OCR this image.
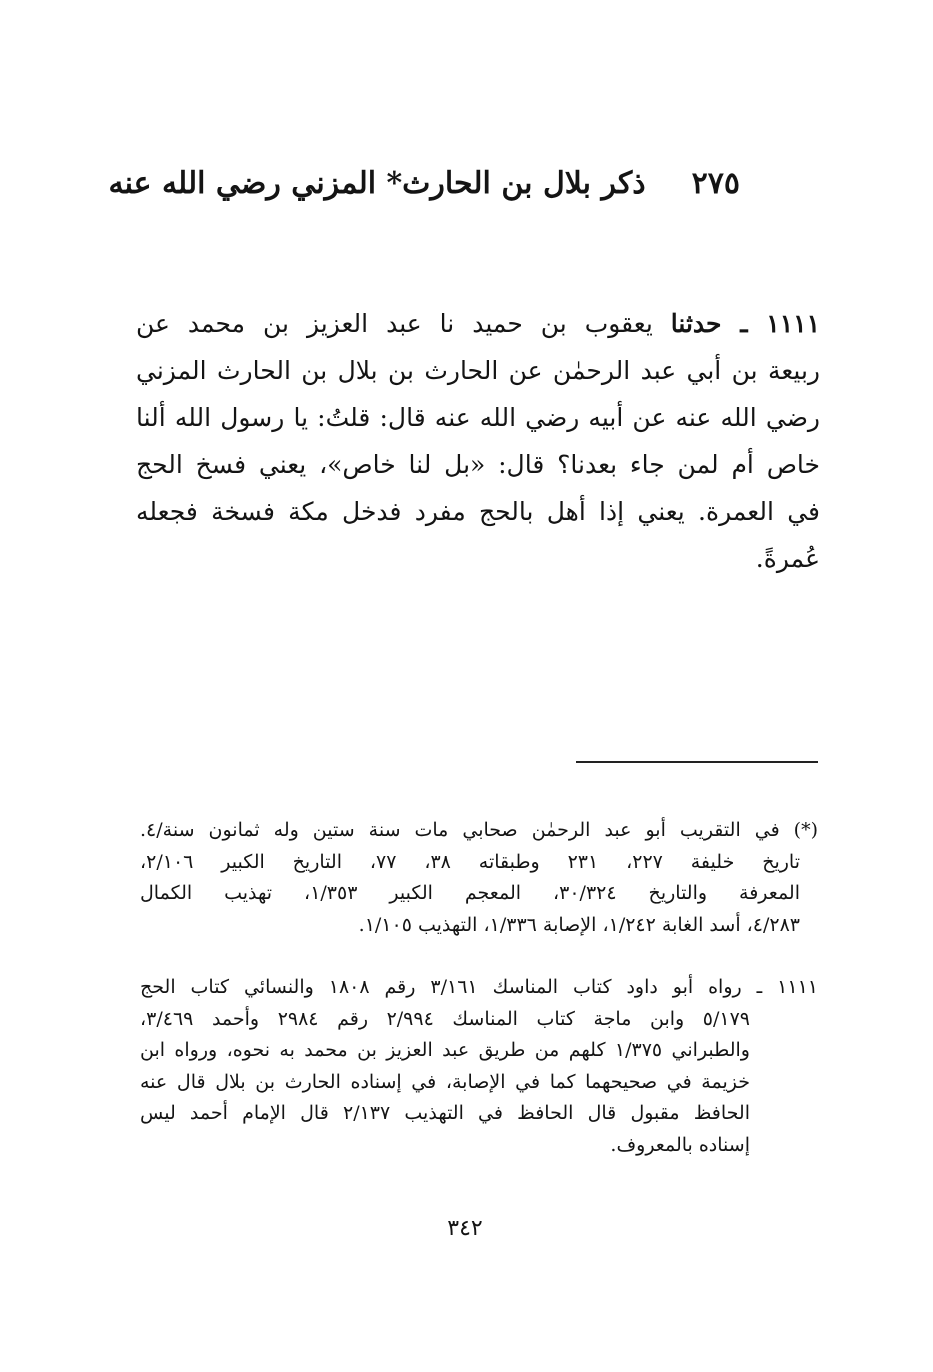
٢٧٥
ذكر بلال بن الحارث* المزني رضي الله عنه
١١١١ ـ حدثنا يعقوب بن حميد نا عبد العزيز بن محمد عن
ربيعة بن أبي عبد الرحمٰن عن الحارث بن بلال بن الحارث المزني
رضي الله عنه عن أبيه رضي الله عنه قال: قلتُ: يا رسول الله ألنا
خاص أم لمن جاء بعدنا؟ قال: «بل لنا خاص»، يعني فسخ الحج
في العمرة. يعني إذا أهل بالحج مفرد فدخل مكة فسخة فجعله
عُمرةً.
(*) في التقريب أبو عبد الرحمٰن صحابي مات سنة ستين وله ثمانون سنة/٤.
تاريخ خليفة ٢٢٧، ٢٣١ وطبقاته ٣٨، ٧٧، التاريخ الكبير ٢/١٠٦،
المعرفة والتاريخ ٣٠/٣٢٤، المعجم الكبير ١/٣٥٣، تهذيب الكمال
٤/٢٨٣، أسد الغابة ١/٢٤٢، الإصابة ١/٣٣٦، التهذيب ١/١٠٥.
١١١١ ـ رواه أبو داود كتاب المناسك ٣/١٦١ رقم ١٨٠٨ والنسائي كتاب الحج
٥/١٧٩ وابن ماجة كتاب المناسك ٢/٩٩٤ رقم ٢٩٨٤ وأحمد ٣/٤٦٩،
والطبراني ١/٣٧٥ كلهم من طريق عبد العزيز بن محمد به نحوه، ورواه ابن
خزيمة في صحيحهما كما في الإصابة، في إسناده الحارث بن بلال قال عنه
الحافظ مقبول قال الحافظ في التهذيب ٢/١٣٧ قال الإمام أحمد ليس
إسناده بالمعروف.
٣٤٢
